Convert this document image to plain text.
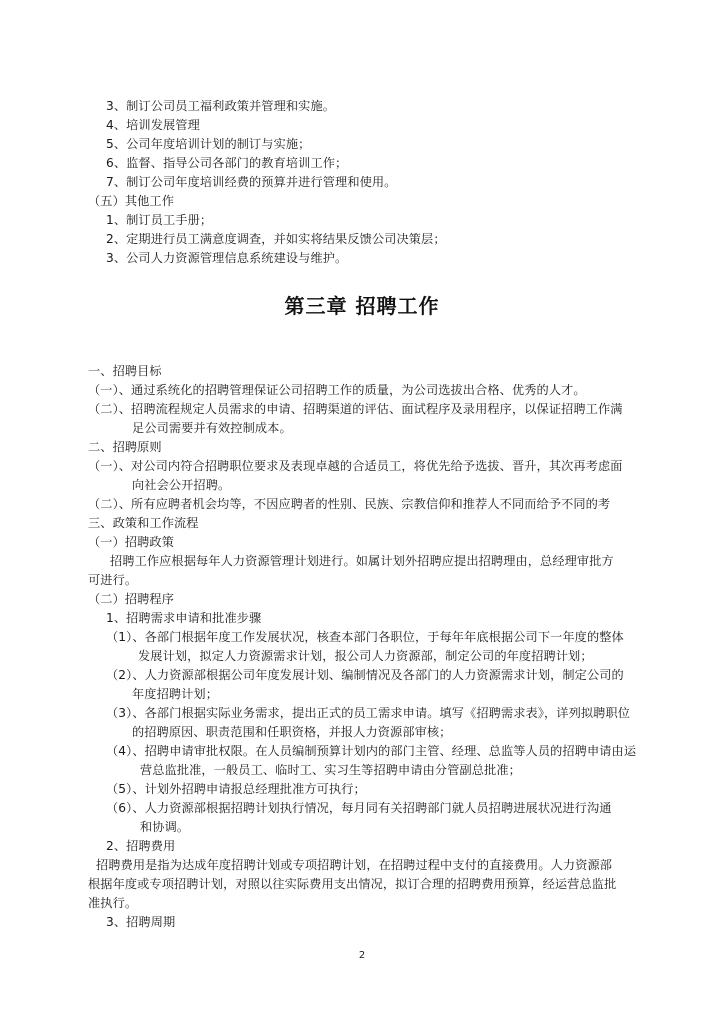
3、制订公司员工福利政策并管理和实施。
4、培训发展管理
5、公司年度培训计划的制订与实施；
6、监督、指导公司各部门的教育培训工作；
7、制订公司年度培训经费的预算并进行管理和使用。
（五）其他工作
1、制订员工手册；
2、定期进行员工满意度调查，并如实将结果反馈公司决策层；
3、公司人力资源管理信息系统建设与维护。
第三章 招聘工作
一、招聘目标
（一）、通过系统化的招聘管理保证公司招聘工作的质量，为公司选拔出合格、优秀的人才。
（二）、招聘流程规定人员需求的申请、招聘渠道的评估、面试程序及录用程序，以保证招聘工作满
足公司需要并有效控制成本。
二、招聘原则
（一）、对公司内符合招聘职位要求及表现卓越的合适员工，将优先给予选拔、晋升，其次再考虑面
向社会公开招聘。
（二）、所有应聘者机会均等，不因应聘者的性别、民族、宗教信仰和推荐人不同而给予不同的考
三、政策和工作流程
（一）招聘政策
招聘工作应根据每年人力资源管理计划进行。如属计划外招聘应提出招聘理由，总经理审批方
可进行。
（二）招聘程序
1、招聘需求申请和批准步骤
（1）、各部门根据年度工作发展状况，核查本部门各职位，于每年年底根据公司下一年度的整体
发展计划，拟定人力资源需求计划，报公司人力资源部，制定公司的年度招聘计划；
（2）、人力资源部根据公司年度发展计划、编制情况及各部门的人力资源需求计划，制定公司的
年度招聘计划；
（3）、各部门根据实际业务需求，提出正式的员工需求申请。填写《招聘需求表》，详列拟聘职位
的招聘原因、职责范围和任职资格，并报人力资源部审核；
（4）、招聘申请审批权限。在人员编制预算计划内的部门主管、经理、总监等人员的招聘申请由运
营总监批准，一般员工、临时工、实习生等招聘申请由分管副总批准；
（5）、计划外招聘申请报总经理批准方可执行；
（6）、人力资源部根据招聘计划执行情况，每月同有关招聘部门就人员招聘进展状况进行沟通
和协调。
2、招聘费用
招聘费用是指为达成年度招聘计划或专项招聘计划，在招聘过程中支付的直接费用。人力资源部
根据年度或专项招聘计划，对照以往实际费用支出情况，拟订合理的招聘费用预算，经运营总监批
准执行。
3、招聘周期
2
